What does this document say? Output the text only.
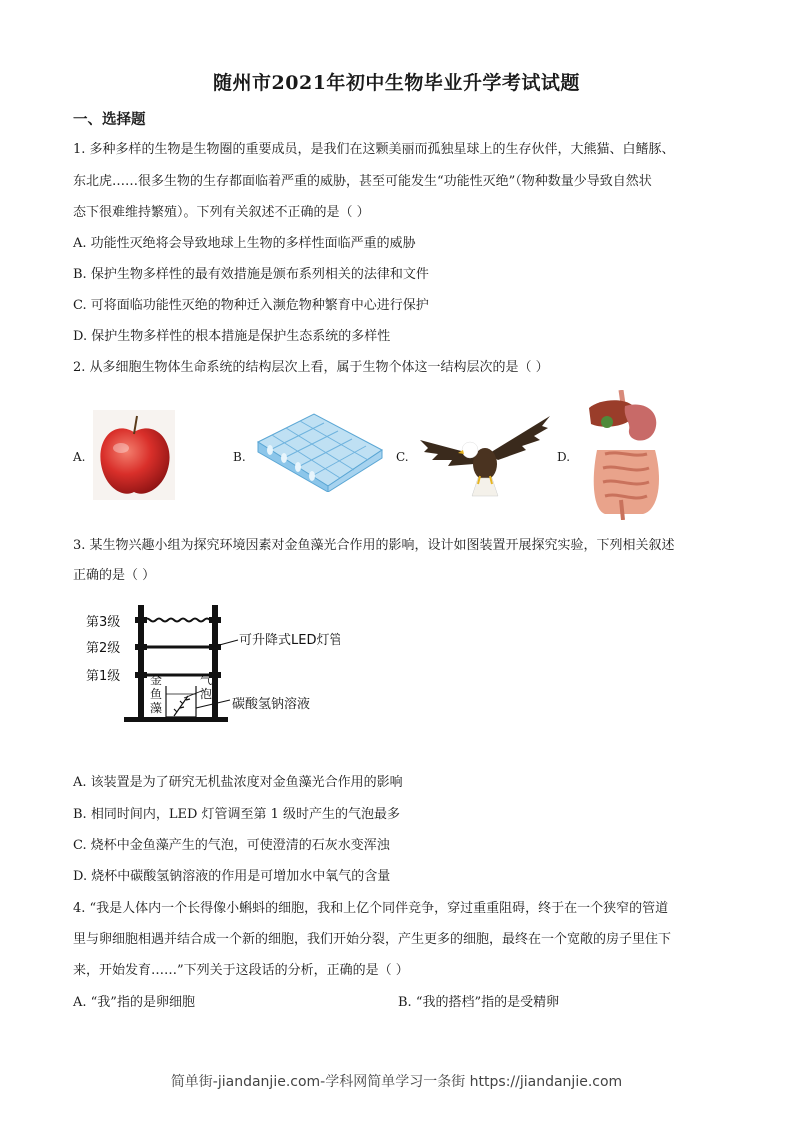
随州市2021年初中生物毕业升学考试试题
一、选择题
1. 多种多样的生物是生物圈的重要成员，是我们在这颗美丽而孤独星球上的生存伙伴，大熊猫、白鳍豚、
东北虎……很多生物的生存都面临着严重的威胁，甚至可能发生“功能性灭绝”（物种数量少导致自然状
态下很难维持繁殖）。下列有关叙述不正确的是（ ）
A. 功能性灭绝将会导致地球上生物的多样性面临严重的威胁
B. 保护生物多样性的最有效措施是颁布系列相关的法律和文件
C. 可将面临功能性灭绝的物种迁入濒危物种繁育中心进行保护
D. 保护生物多样性的根本措施是保护生态系统的多样性
2. 从多细胞生物体生命系统的结构层次上看，属于生物个体这一结构层次的是（ ）
A.	B.	C.	D.
3. 某生物兴趣小组为探究环境因素对金鱼藻光合作用的影响，设计如图装置开展探究实验，下列相关叙述
正确的是（ ）
第3级
第2级
第1级
可升降式LED灯管
金
鱼
藻
气
泡
碳酸氢钠溶液
A. 该装置是为了研究无机盐浓度对金鱼藻光合作用的影响
B. 相同时间内，LED 灯管调至第 1 级时产生的气泡最多
C. 烧杯中金鱼藻产生的气泡，可使澄清的石灰水变浑浊
D. 烧杯中碳酸氢钠溶液的作用是可增加水中氧气的含量
4. “我是人体内一个长得像小蝌蚪的细胞，我和上亿个同伴竞争，穿过重重阻碍，终于在一个狭窄的管道
里与卵细胞相遇并结合成一个新的细胞，我们开始分裂，产生更多的细胞，最终在一个宽敞的房子里住下
来，开始发育……”下列关于这段话的分析，正确的是（ ）
A. “我”指的是卵细胞	B. “我的搭档”指的是受精卵
简单街-jiandanjie.com-学科网简单学习一条街 https://jiandanjie.com
